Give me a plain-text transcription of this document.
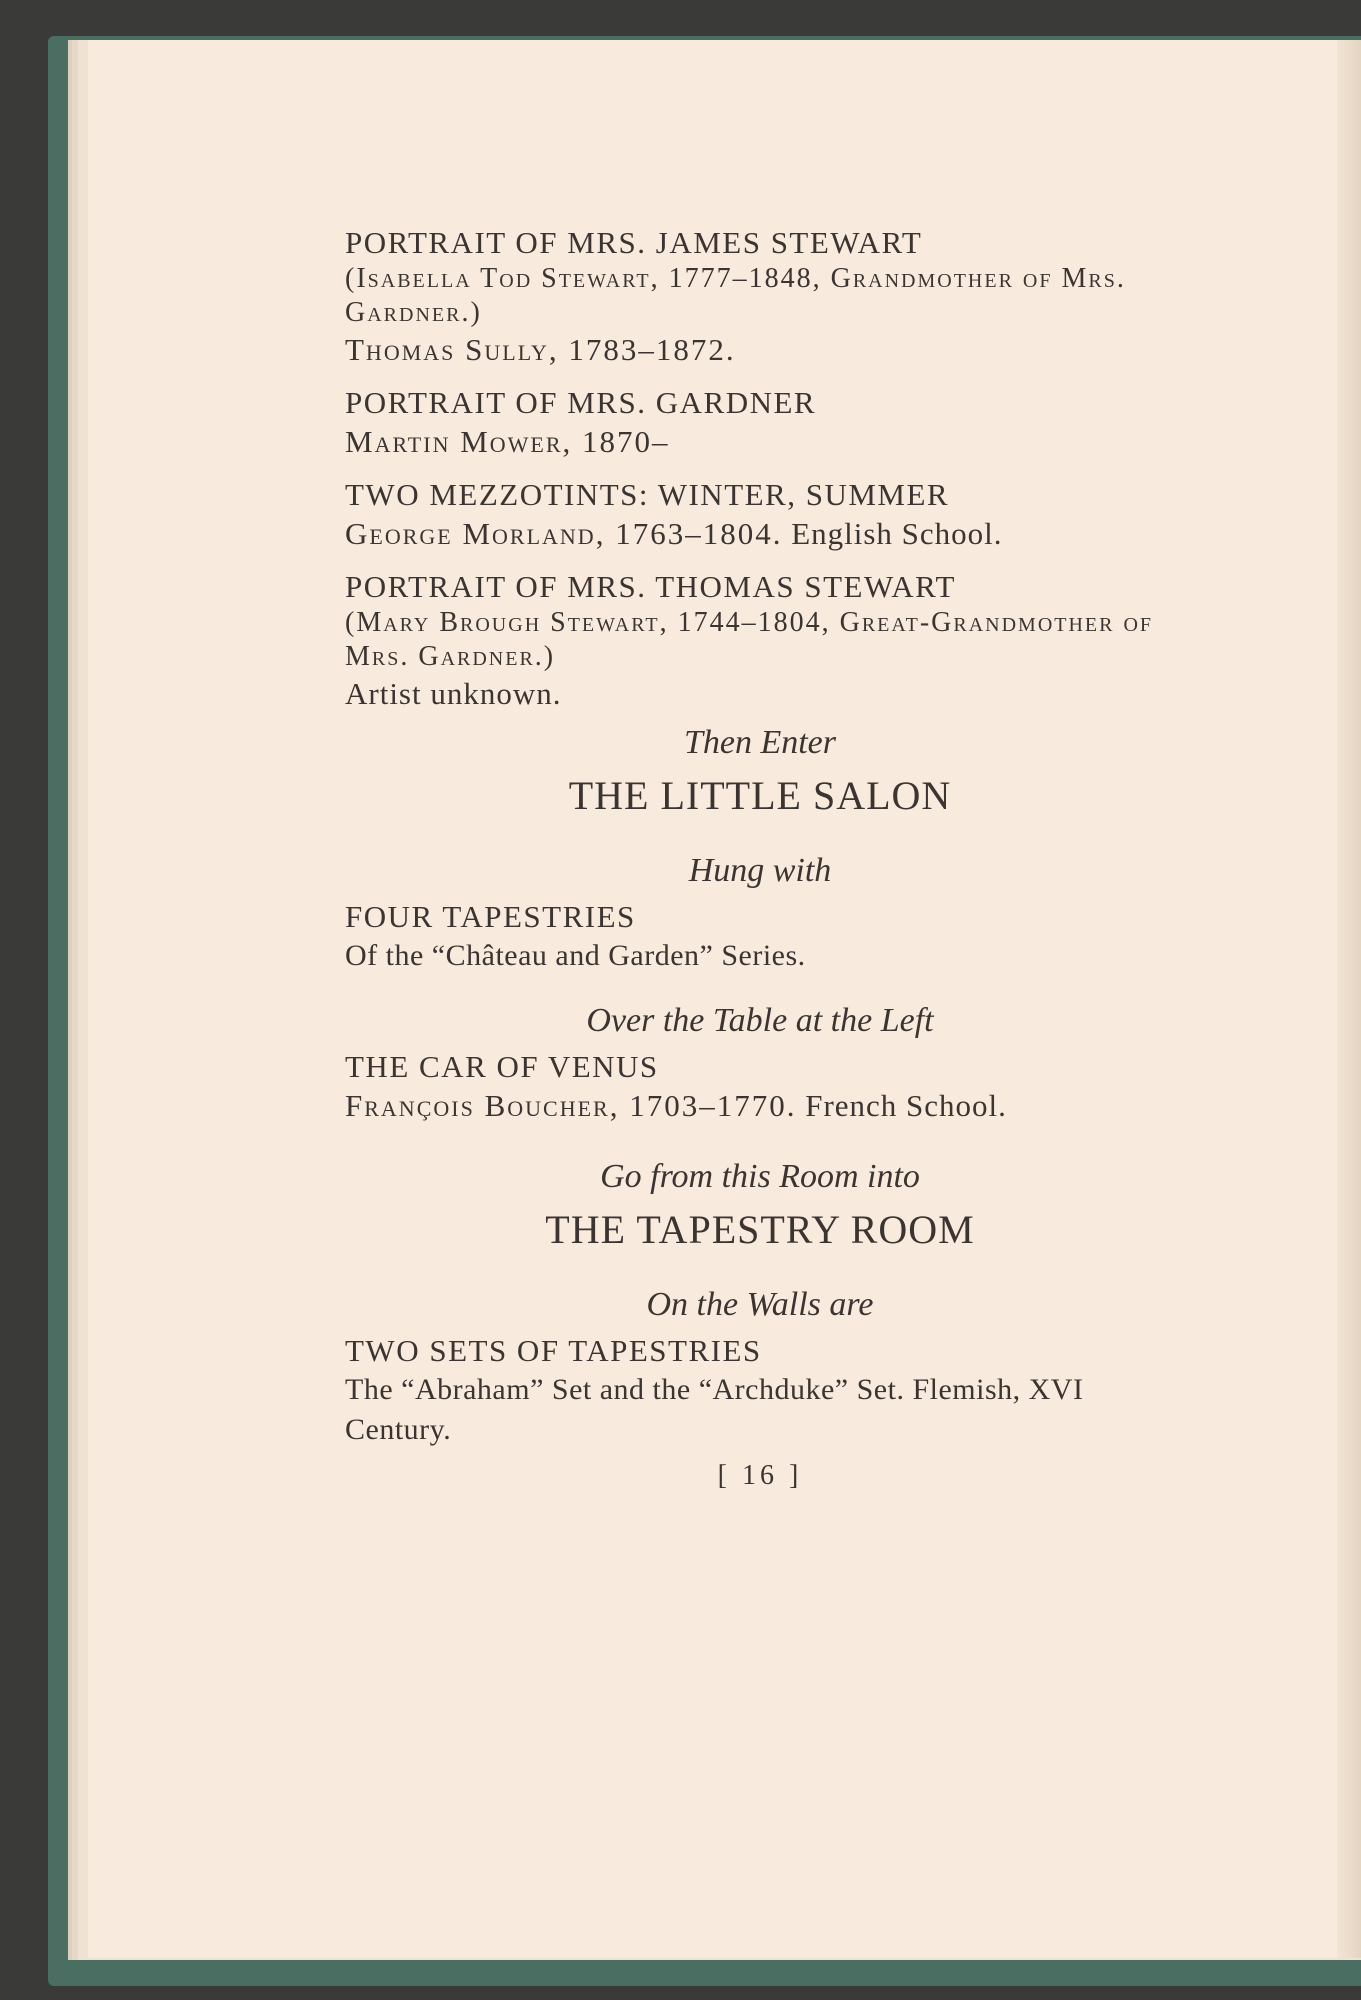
PORTRAIT OF MRS. JAMES STEWART
(Isabella Tod Stewart, 1777–1848, Grandmother of Mrs. Gardner.)
Thomas Sully, 1783–1872.
PORTRAIT OF MRS. GARDNER
Martin Mower, 1870–
TWO MEZZOTINTS: WINTER, SUMMER
George Morland, 1763–1804. English School.
PORTRAIT OF MRS. THOMAS STEWART
(Mary Brough Stewart, 1744–1804, Great-Grandmother of Mrs. Gardner.)
Artist unknown.
Then Enter
THE LITTLE SALON
Hung with
FOUR TAPESTRIES
Of the “Château and Garden” Series.
Over the Table at the Left
THE CAR OF VENUS
François Boucher, 1703–1770. French School.
Go from this Room into
THE TAPESTRY ROOM
On the Walls are
TWO SETS OF TAPESTRIES
The “Abraham” Set and the “Archduke” Set. Flemish, XVI Century.
[ 16 ]
